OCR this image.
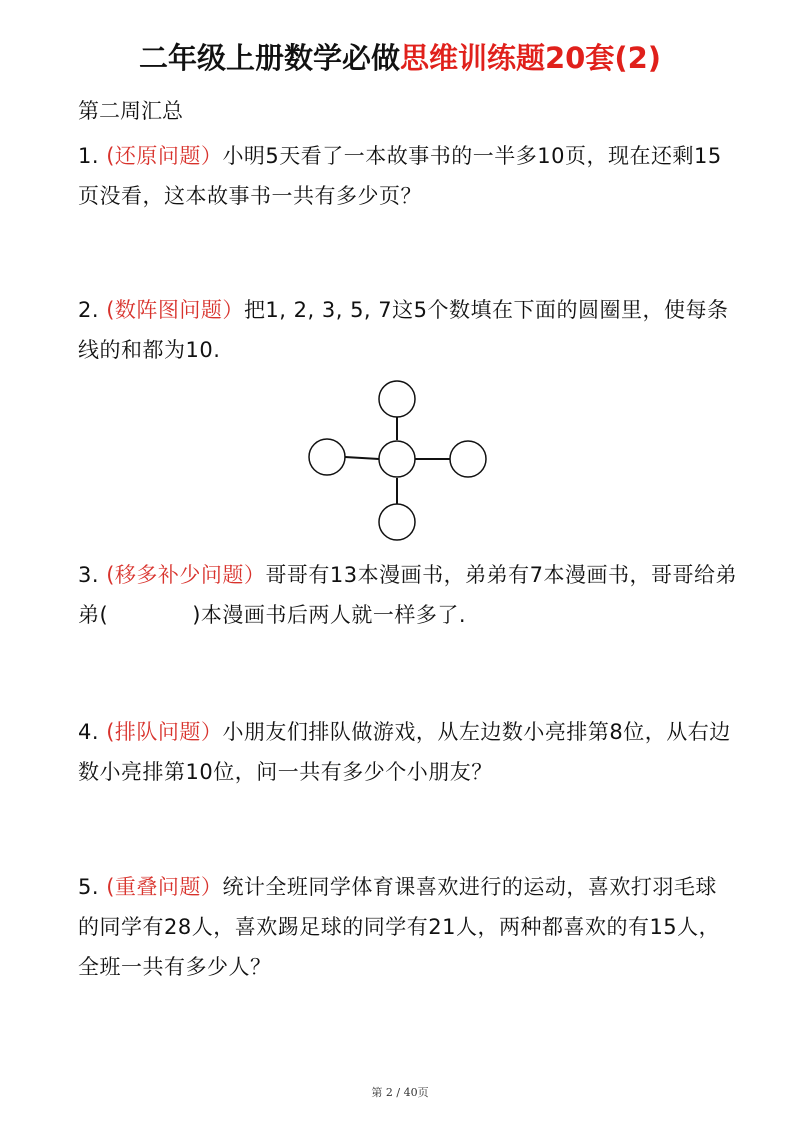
二年级上册数学必做思维训练题20套(2)
第二周汇总
1. (还原问题）小明5天看了一本故事书的一半多10页，现在还剩15页没看，这本故事书一共有多少页？
2. (数阵图问题）把1, 2, 3, 5, 7这5个数填在下面的圆圈里，使每条线的和都为10.
3. (移多补少问题）哥哥有13本漫画书，弟弟有7本漫画书，哥哥给弟弟(	)本漫画书后两人就一样多了.
4. (排队问题）小朋友们排队做游戏，从左边数小亮排第8位，从右边数小亮排第10位，问一共有多少个小朋友？
5. (重叠问题）统计全班同学体育课喜欢进行的运动，喜欢打羽毛球的同学有28人，喜欢踢足球的同学有21人，两种都喜欢的有15人，全班一共有多少人？
第 2 / 40页
